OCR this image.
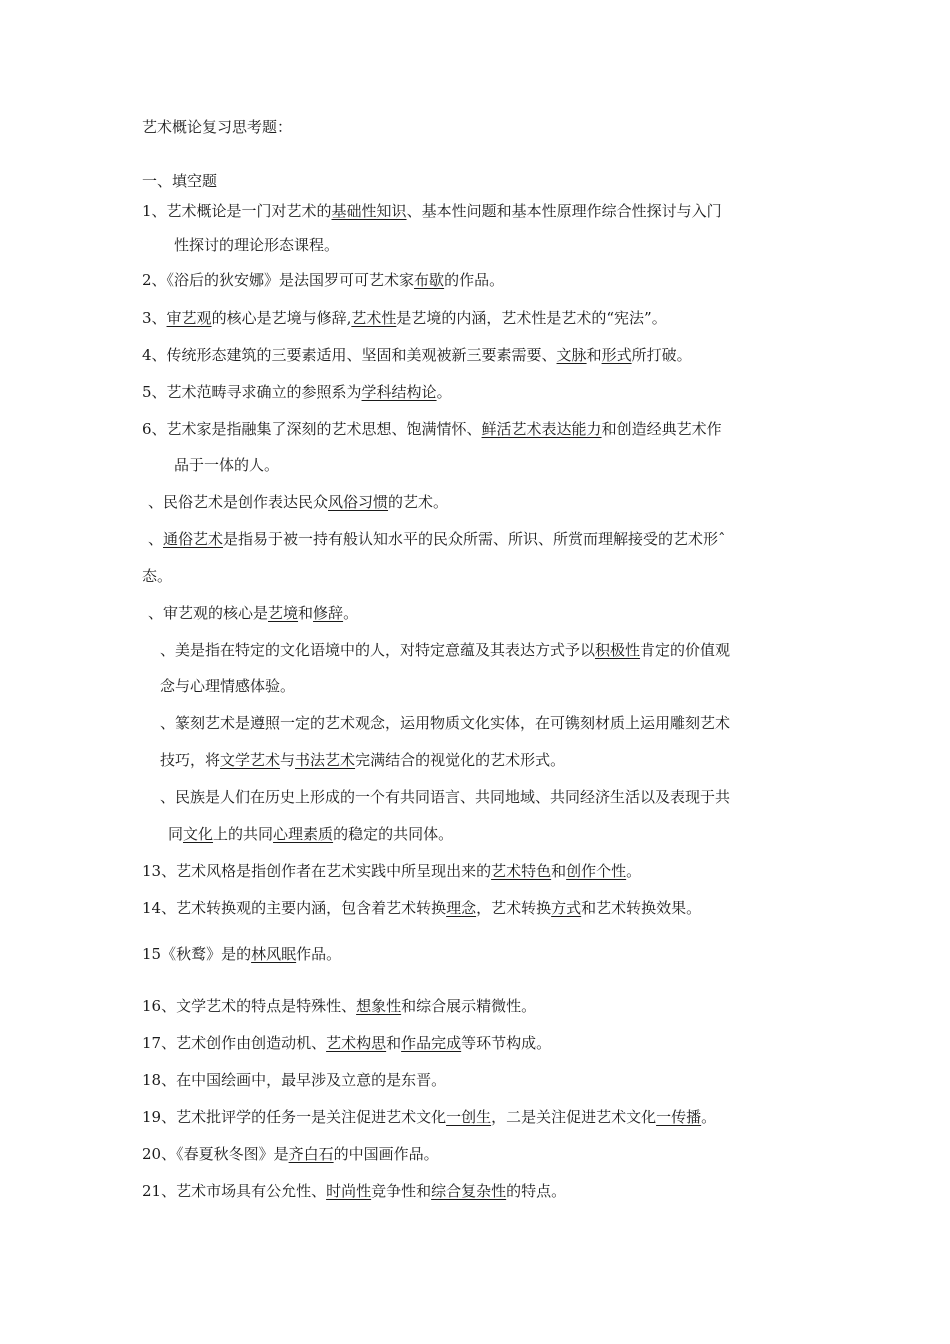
艺术概论复习思考题：
一、填空题
1、艺术概论是一门对艺术的基础性知识、基本性问题和基本性原理作综合性探讨与入门
性探讨的理论形态课程。
2、《浴后的狄安娜》是法国罗可可艺术家布歇的作品。
3、审艺观的核心是艺境与修辞,艺术性是艺境的内涵，艺术性是艺术的“宪法”。
4、传统形态建筑的三要素适用、坚固和美观被新三要素需要、文脉和形式所打破。
5、艺术范畴寻求确立的参照系为学科结构论。
6、艺术家是指融集了深刻的艺术思想、饱满情怀、鲜活艺术表达能力和创造经典艺术作
品于一体的人。
、民俗艺术是创作表达民众风俗习惯的艺术。
、通俗艺术是指易于被一持有般认知水平的民众所需、所识、所赏而理解接受的艺术形ˆ
态。
、审艺观的核心是艺境和修辞。
、美是指在特定的文化语境中的人，对特定意蕴及其表达方式予以积极性肯定的价值观
念与心理情感体验。
、篆刻艺术是遵照一定的艺术观念，运用物质文化实体，在可镌刻材质上运用雕刻艺术
技巧，将文学艺术与书法艺术完满结合的视觉化的艺术形式。
、民族是人们在历史上形成的一个有共同语言、共同地域、共同经济生活以及表现于共
同文化上的共同心理素质的稳定的共同体。
13、艺术风格是指创作者在艺术实践中所呈现出来的艺术特色和创作个性。
14、艺术转换观的主要内涵，包含着艺术转换理念，艺术转换方式和艺术转换效果。
15《秋鹜》是的林风眠作品。
16、文学艺术的特点是特殊性、想象性和综合展示精微性。
17、艺术创作由创造动机、艺术构思和作品完成等环节构成。
18、在中国绘画中，最早涉及立意的是东晋。
19、艺术批评学的任务一是关注促进艺术文化一创生，二是关注促进艺术文化一传播。
20、《春夏秋冬图》是齐白石的中国画作品。
21、艺术市场具有公允性、时尚性竞争性和综合复杂性的特点。
